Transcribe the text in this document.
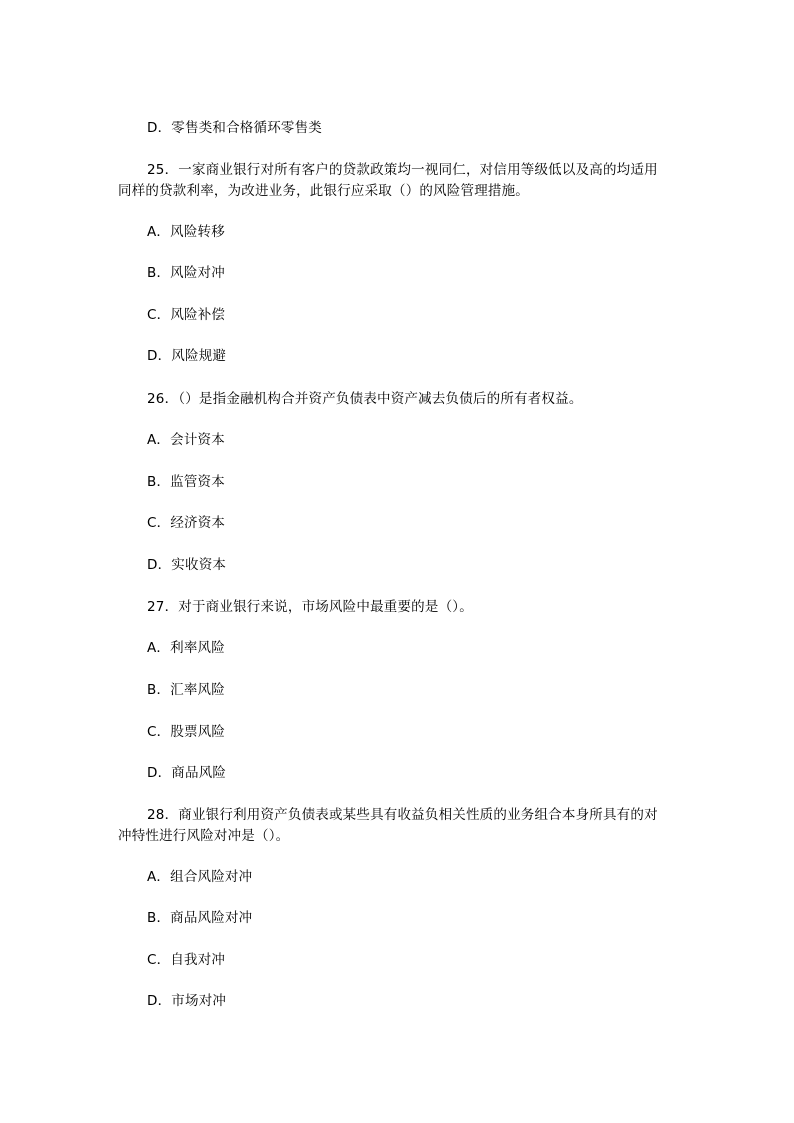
D．零售类和合格循环零售类
25．一家商业银行对所有客户的贷款政策均一视同仁，对信用等级低以及高的均适用
同样的贷款利率，为改进业务，此银行应采取（）的风险管理措施。
A．风险转移
B．风险对冲
C．风险补偿
D．风险规避
26．（）是指金融机构合并资产负债表中资产减去负债后的所有者权益。
A．会计资本
B．监管资本
C．经济资本
D．实收资本
27．对于商业银行来说，市场风险中最重要的是（）。
A．利率风险
B．汇率风险
C．股票风险
D．商品风险
28．商业银行利用资产负债表或某些具有收益负相关性质的业务组合本身所具有的对
冲特性进行风险对冲是（）。
A．组合风险对冲
B．商品风险对冲
C．自我对冲
D．市场对冲
